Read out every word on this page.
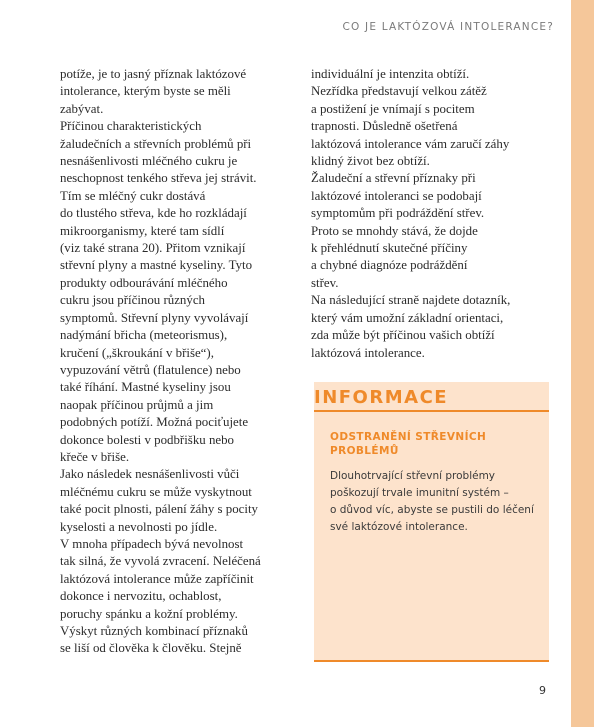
CO JE LAKTÓZOVÁ INTOLERANCE?

potíže, je to jasný příznak laktózové

intolerance, kterým byste se měli

zabývat.

Příčinou charakteristických

žaludečních a střevních problémů při

nesnášenlivosti mléčného cukru je

neschopnost tenkého střeva jej strávit.

Tím se mléčný cukr dostává

do tlustého střeva, kde ho rozkládají

mikroorganismy, které tam sídlí

(viz také strana 20). Přitom vznikají

střevní plyny a mastné kyseliny. Tyto

produkty odbourávání mléčného

cukru jsou příčinou různých

symptomů. Střevní plyny vyvolávají

nadýmání břicha (meteorismus),

kručení („škroukání v břiše“),

vypuzování větrů (flatulence) nebo

také říhání. Mastné kyseliny jsou

naopak příčinou průjmů a jim

podobných potíží. Možná pociťujete

dokonce bolesti v podbřišku nebo

křeče v břiše.

Jako následek nesnášenlivosti vůči

mléčnému cukru se může vyskytnout

také pocit plnosti, pálení žáhy s pocity

kyselosti a nevolnosti po jídle.

V mnoha případech bývá nevolnost

tak silná, že vyvolá zvracení. Neléčená

laktózová intolerance může zapříčinit

dokonce i nervozitu, ochablost,

poruchy spánku a kožní problémy.

Výskyt různých kombinací příznaků

se liší od člověka k člověku. Stejně

individuální je intenzita obtíží.

Nezřídka představují velkou zátěž

a postižení je vnímají s pocitem

trapnosti. Důsledně ošetřená

laktózová intolerance vám zaručí záhy

klidný život bez obtíží.

Žaludeční a střevní příznaky při

laktózové intoleranci se podobají

symptomům při podráždění střev.

Proto se mnohdy stává, že dojde

k přehlédnutí skutečné příčiny

a chybné diagnóze podráždění

střev.

Na následující straně najdete dotazník,

který vám umožní základní orientaci,

zda může být příčinou vašich obtíží

laktózová intolerance.

INFORMACE
ODSTRANĚNÍ STŘEVNÍCH PROBLÉMŮ

Dlouhotrvající střevní problémy

poškozují trvale imunitní systém –

o důvod víc, abyste se pustili do léčení

své laktózové intolerance.

9
